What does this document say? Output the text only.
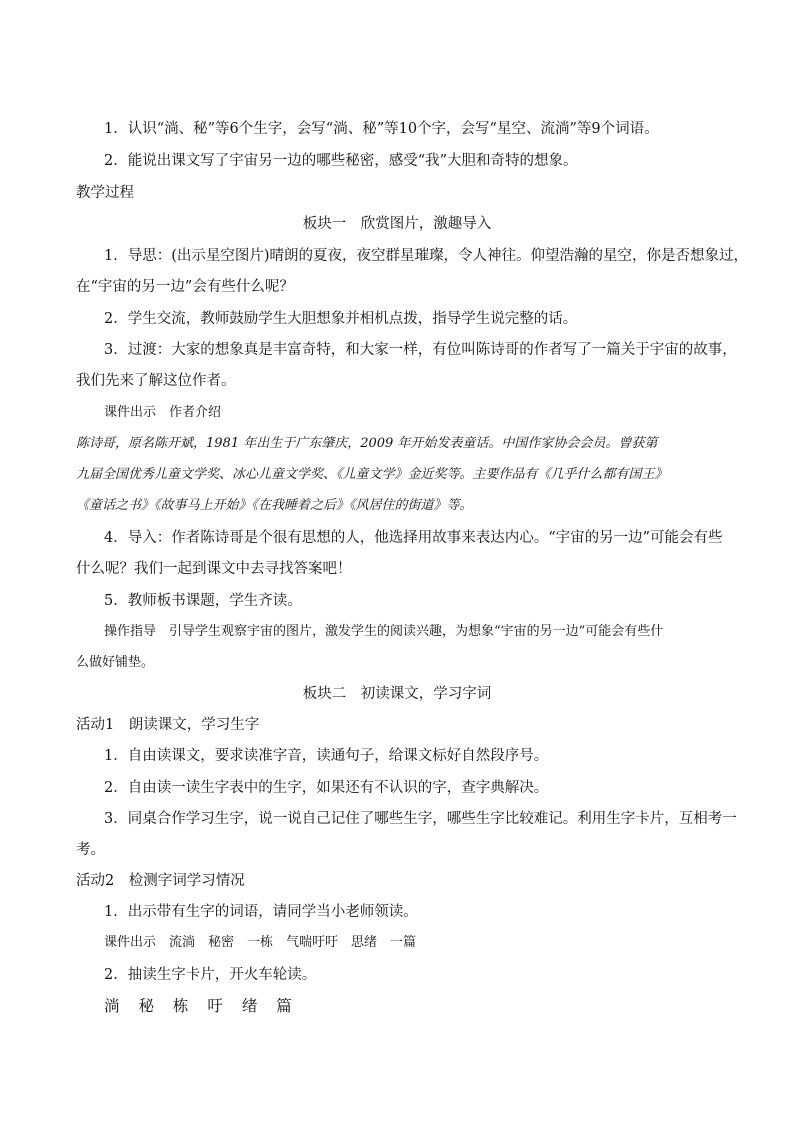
1．认识“淌、秘”等6个生字，会写“淌、秘”等10个字，会写“星空、流淌”等9个词语。
2．能说出课文写了宇宙另一边的哪些秘密，感受“我”大胆和奇特的想象。
教学过程
板块一　欣赏图片，激趣导入
1．导思：(出示星空图片)晴朗的夏夜，夜空群星璀璨，令人神往。仰望浩瀚的星空，你是否想象过，
在“宇宙的另一边”会有些什么呢？
2．学生交流，教师鼓励学生大胆想象并相机点拨，指导学生说完整的话。
3．过渡：大家的想象真是丰富奇特，和大家一样，有位叫陈诗哥的作者写了一篇关于宇宙的故事，
我们先来了解这位作者。
课件出示　作者介绍
陈诗哥，原名陈开斌，1981 年出生于广东肇庆，2009 年开始发表童话。中国作家协会会员。曾获第
九届全国优秀儿童文学奖、冰心儿童文学奖、《儿童文学》金近奖等。主要作品有《几乎什么都有国王》
《童话之书》《故事马上开始》《在我睡着之后》《风居住的街道》等。
4．导入：作者陈诗哥是个很有思想的人，他选择用故事来表达内心。“宇宙的另一边”可能会有些
什么呢？我们一起到课文中去寻找答案吧！
5．教师板书课题，学生齐读。
操作指导　引导学生观察宇宙的图片，激发学生的阅读兴趣，为想象“宇宙的另一边”可能会有些什
么做好铺垫。
板块二　初读课文，学习字词
活动1　朗读课文，学习生字
1．自由读课文，要求读准字音，读通句子，给课文标好自然段序号。
2．自由读一读生字表中的生字，如果还有不认识的字，查字典解决。
3．同桌合作学习生字，说一说自己记住了哪些生字，哪些生字比较难记。利用生字卡片，互相考一
考。
活动2　检测字词学习情况
1．出示带有生字的词语，请同学当小老师领读。
课件出示　流淌　秘密　一栋　气喘吁吁　思绪　一篇
2．抽读生字卡片，开火车轮读。
淌 秘 栋 吁 绪 篇
